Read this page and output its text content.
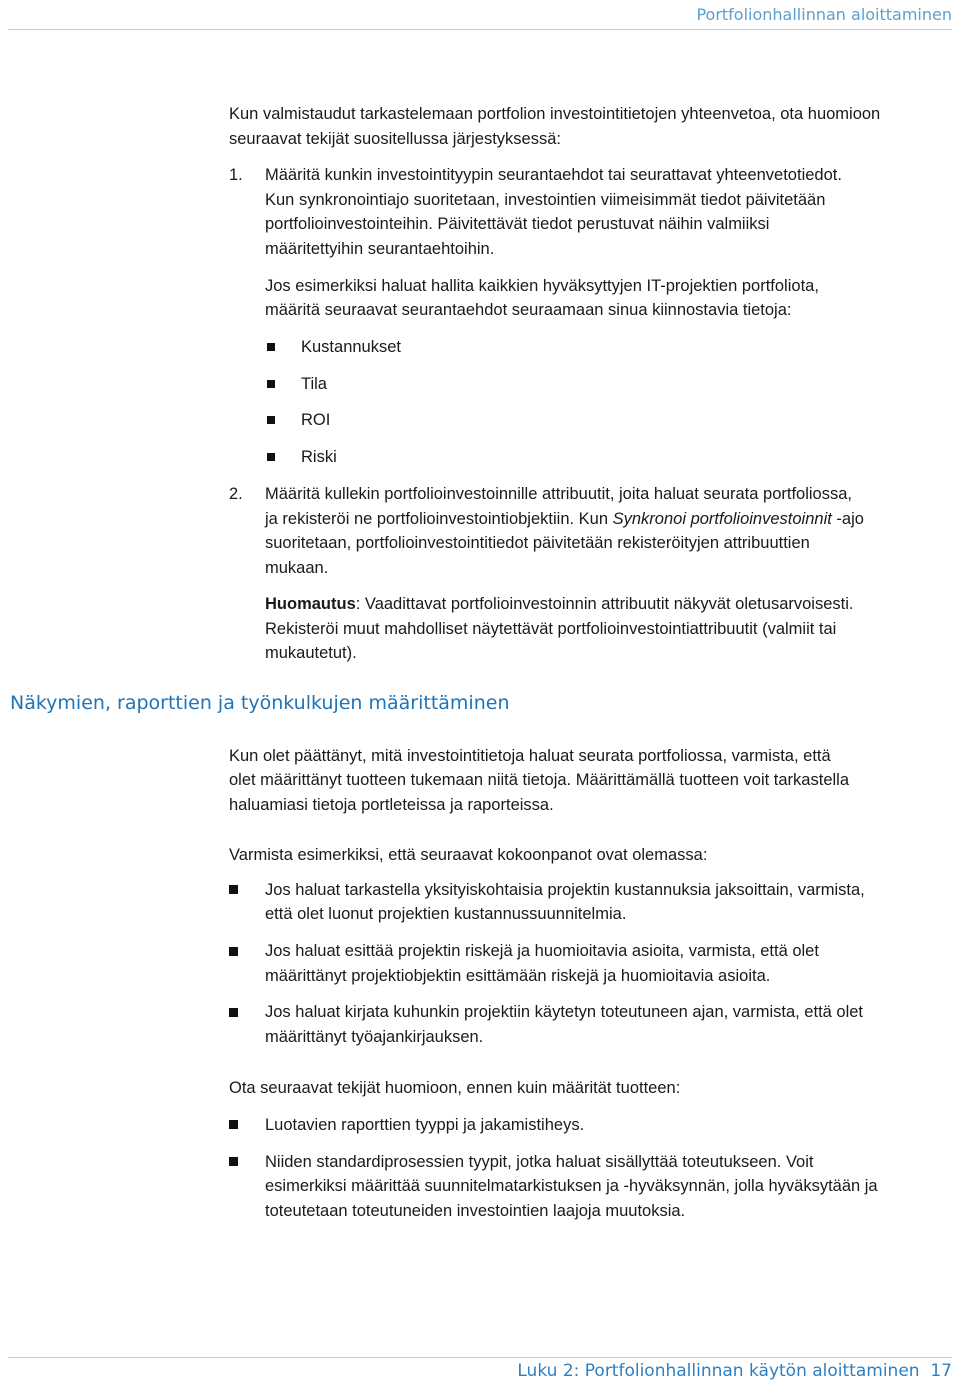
Portfolionhallinnan aloittaminen

Kun valmistaudut tarkastelemaan portfolion investointitietojen yhteenvetoa, ota huomioon seuraavat tekijät suositellussa järjestyksessä:

1. Määritä kunkin investointityypin seurantaehdot tai seurattavat yhteenvetotiedot.
Kun synkronointiajo suoritetaan, investointien viimeisimmät tiedot päivitetään
portfolioinvestointeihin. Päivitettävät tiedot perustuvat näihin valmiiksi
määritettyihin seurantaehtoihin.
Jos esimerkiksi haluat hallita kaikkien hyväksyttyjen IT-projektien portfoliota,
määritä seuraavat seurantaehdot seuraamaan sinua kiinnostavia tietoja:
Kustannukset
Tila
ROI
Riski
2. Määritä kullekin portfolioinvestoinnille attribuutit, joita haluat seurata portfoliossa,
ja rekisteröi ne portfolioinvestointiobjektiin. Kun Synkronoi portfolioinvestoinnit -ajo
suoritetaan, portfolioinvestointitiedot päivitetään rekisteröityjen attribuuttien
mukaan.
Huomautus: Vaadittavat portfolioinvestoinnin attribuutit näkyvät oletusarvoisesti.
Rekisteröi muut mahdolliset näytettävät portfolioinvestointiattribuutit (valmiit tai
mukautetut).
Näkymien, raporttien ja työnkulkujen määrittäminen
Kun olet päättänyt, mitä investointitietoja haluat seurata portfoliossa, varmista, että
olet määrittänyt tuotteen tukemaan niitä tietoja. Määrittämällä tuotteen voit tarkastella
haluamiasi tietoja portleteissa ja raporteissa.
Varmista esimerkiksi, että seuraavat kokoonpanot ovat olemassa:
Jos haluat tarkastella yksityiskohtaisia projektin kustannuksia jaksoittain, varmista,
että olet luonut projektien kustannussuunnitelmia.
Jos haluat esittää projektin riskejä ja huomioitavia asioita, varmista, että olet
määrittänyt projektiobjektin esittämään riskejä ja huomioitavia asioita.
Jos haluat kirjata kuhunkin projektiin käytetyn toteutuneen ajan, varmista, että olet
määrittänyt työajankirjauksen.
Ota seuraavat tekijät huomioon, ennen kuin määrität tuotteen:
Luotavien raporttien tyyppi ja jakamistiheys.
Niiden standardiprosessien tyypit, jotka haluat sisällyttää toteutukseen. Voit
esimerkiksi määrittää suunnitelmatarkistuksen ja -hyväksynnän, jolla hyväksytään ja
toteutetaan toteutuneiden investointien laajoja muutoksia.
Luku 2: Portfolionhallinnan käytön aloittaminen  17
